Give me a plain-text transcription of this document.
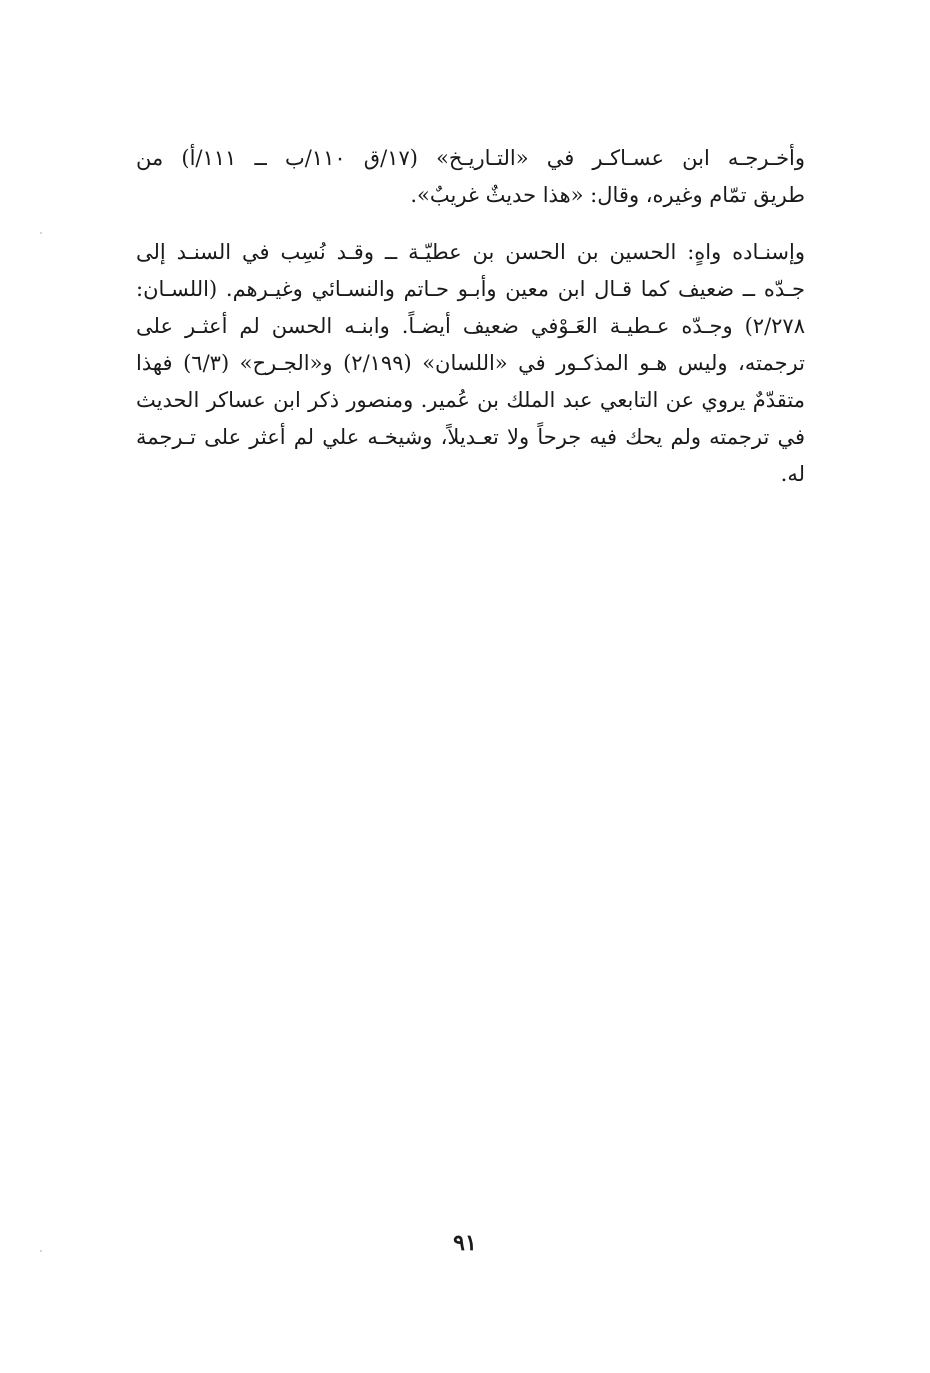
وأخـرجـه ابن عسـاكـر في «التـاريـخ» (١٧/ق ١١٠/ب ــ ١١١/أ) من
طريق تمّام وغيره، وقال: «هذا حديثٌ غريبٌ».
وإسنـاده واهٍ: الحسين بن الحسن بن عطيّـة ــ وقـد نُسِب في السنـد إلى
جـدّه ــ ضعيف كما قـال ابن معين وأبـو حـاتم والنسـائي وغيـرهم. (اللسـان:
٢/٢٧٨) وجـدّه عـطيـة العَـوْفي ضعيف أيضـاً. وابنـه الحسن لم أعثـر على
ترجمته، وليس هـو المذكـور في «اللسان» (٢/١٩٩) و«الجـرح» (٦/٣) فهذا
متقدّمٌ يروي عن التابعي عبد الملك بن عُمير. ومنصور ذكر ابن عساكر الحديث
في ترجمته ولم يحك فيه جرحاً ولا تعـديلاً، وشيخـه علي لم أعثر على تـرجمة
له.
٩١
